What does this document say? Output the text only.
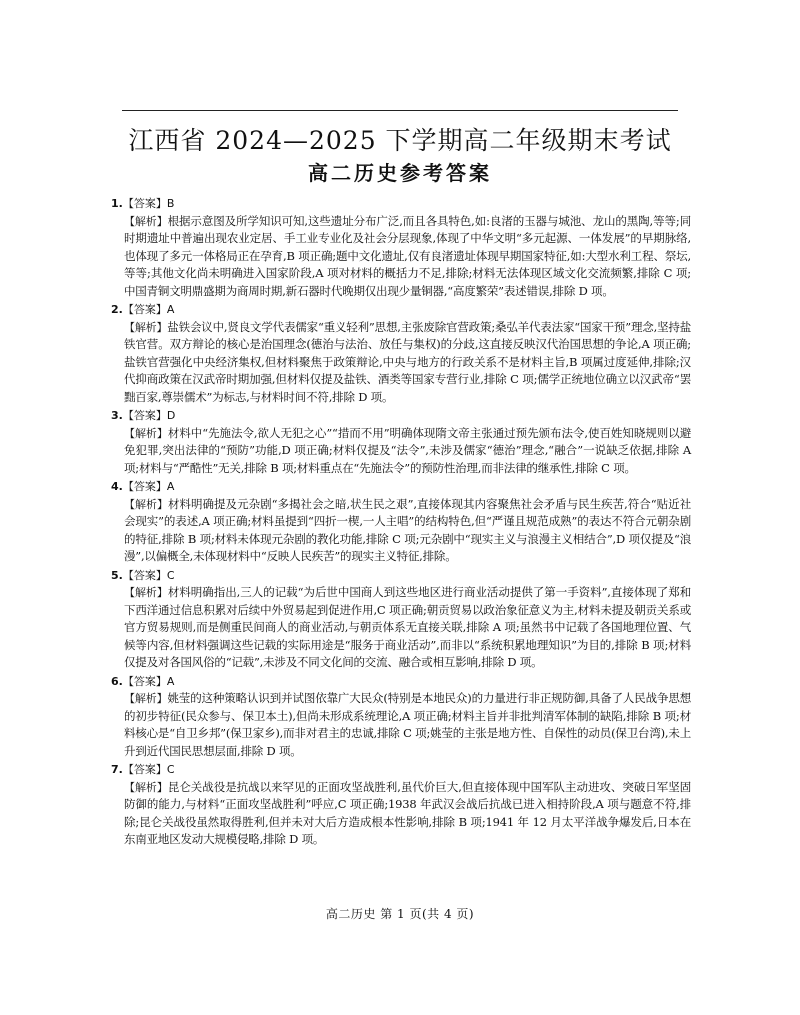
江西省 2024—2025 下学期高二年级期末考试
高二历史参考答案
1.【答案】B
【解析】根据示意图及所学知识可知,这些遗址分布广泛,而且各具特色,如:良渚的玉器与城池、龙山的黑陶,等等;同时期遗址中普遍出现农业定居、手工业专业化及社会分层现象,体现了中华文明“多元起源、一体发展”的早期脉络,也体现了多元一体格局正在孕育,B 项正确;题中文化遗址,仅有良渚遗址体现早期国家特征,如:大型水利工程、祭坛,等等;其他文化尚未明确进入国家阶段,A 项对材料的概括力不足,排除;材料无法体现区域文化交流频繁,排除 C 项;中国青铜文明鼎盛期为商周时期,新石器时代晚期仅出现少量铜器,“高度繁荣”表述错误,排除 D 项。
2.【答案】A
【解析】盐铁会议中,贤良文学代表儒家“重义轻利”思想,主张废除官营政策;桑弘羊代表法家“国家干预”理念,坚持盐铁官营。双方辩论的核心是治国理念(德治与法治、放任与集权)的分歧,这直接反映汉代治国思想的争论,A 项正确;盐铁官营强化中央经济集权,但材料聚焦于政策辩论,中央与地方的行政关系不是材料主旨,B 项属过度延伸,排除;汉代抑商政策在汉武帝时期加强,但材料仅提及盐铁、酒类等国家专营行业,排除 C 项;儒学正统地位确立以汉武帝“罢黜百家,尊崇儒术”为标志,与材料时间不符,排除 D 项。
3.【答案】D
【解析】材料中“先施法令,欲人无犯之心”“措而不用”明确体现隋文帝主张通过预先颁布法令,使百姓知晓规则以避免犯罪,突出法律的“预防”功能,D 项正确;材料仅提及“法令”,未涉及儒家“德治”理念,“融合”一说缺乏依据,排除 A 项;材料与“严酷性”无关,排除 B 项;材料重点在“先施法令”的预防性治理,而非法律的继承性,排除 C 项。
4.【答案】A
【解析】材料明确提及元杂剧“多揭社会之暗,状生民之艰”,直接体现其内容聚焦社会矛盾与民生疾苦,符合“贴近社会现实”的表述,A 项正确;材料虽提到“四折一楔,一人主唱”的结构特色,但“严谨且规范成熟”的表达不符合元朝杂剧的特征,排除 B 项;材料未体现元杂剧的教化功能,排除 C 项;元杂剧中“现实主义与浪漫主义相结合”,D 项仅提及“浪漫”,以偏概全,未体现材料中“反映人民疾苦”的现实主义特征,排除。
5.【答案】C
【解析】材料明确指出,三人的记载“为后世中国商人到这些地区进行商业活动提供了第一手资料”,直接体现了郑和下西洋通过信息积累对后续中外贸易起到促进作用,C 项正确;朝贡贸易以政治象征意义为主,材料未提及朝贡关系或官方贸易规则,而是侧重民间商人的商业活动,与朝贡体系无直接关联,排除 A 项;虽然书中记载了各国地理位置、气候等内容,但材料强调这些记载的实际用途是“服务于商业活动”,而非以“系统积累地理知识”为目的,排除 B 项;材料仅提及对各国风俗的“记载”,未涉及不同文化间的交流、融合或相互影响,排除 D 项。
6.【答案】A
【解析】姚莹的这种策略认识到并试图依靠广大民众(特别是本地民众)的力量进行非正规防御,具备了人民战争思想的初步特征(民众参与、保卫本土),但尚未形成系统理论,A 项正确;材料主旨并非批判清军体制的缺陷,排除 B 项;材料核心是“自卫乡邦”(保卫家乡),而非对君主的忠诚,排除 C 项;姚莹的主张是地方性、自保性的动员(保卫台湾),未上升到近代国民思想层面,排除 D 项。
7.【答案】C
【解析】昆仑关战役是抗战以来罕见的正面攻坚战胜利,虽代价巨大,但直接体现中国军队主动进攻、突破日军坚固防御的能力,与材料“正面攻坚战胜利”呼应,C 项正确;1938 年武汉会战后抗战已进入相持阶段,A 项与题意不符,排除;昆仑关战役虽然取得胜利,但并未对大后方造成根本性影响,排除 B 项;1941 年 12 月太平洋战争爆发后,日本在东南亚地区发动大规模侵略,排除 D 项。
高二历史 第 1 页(共 4 页)
